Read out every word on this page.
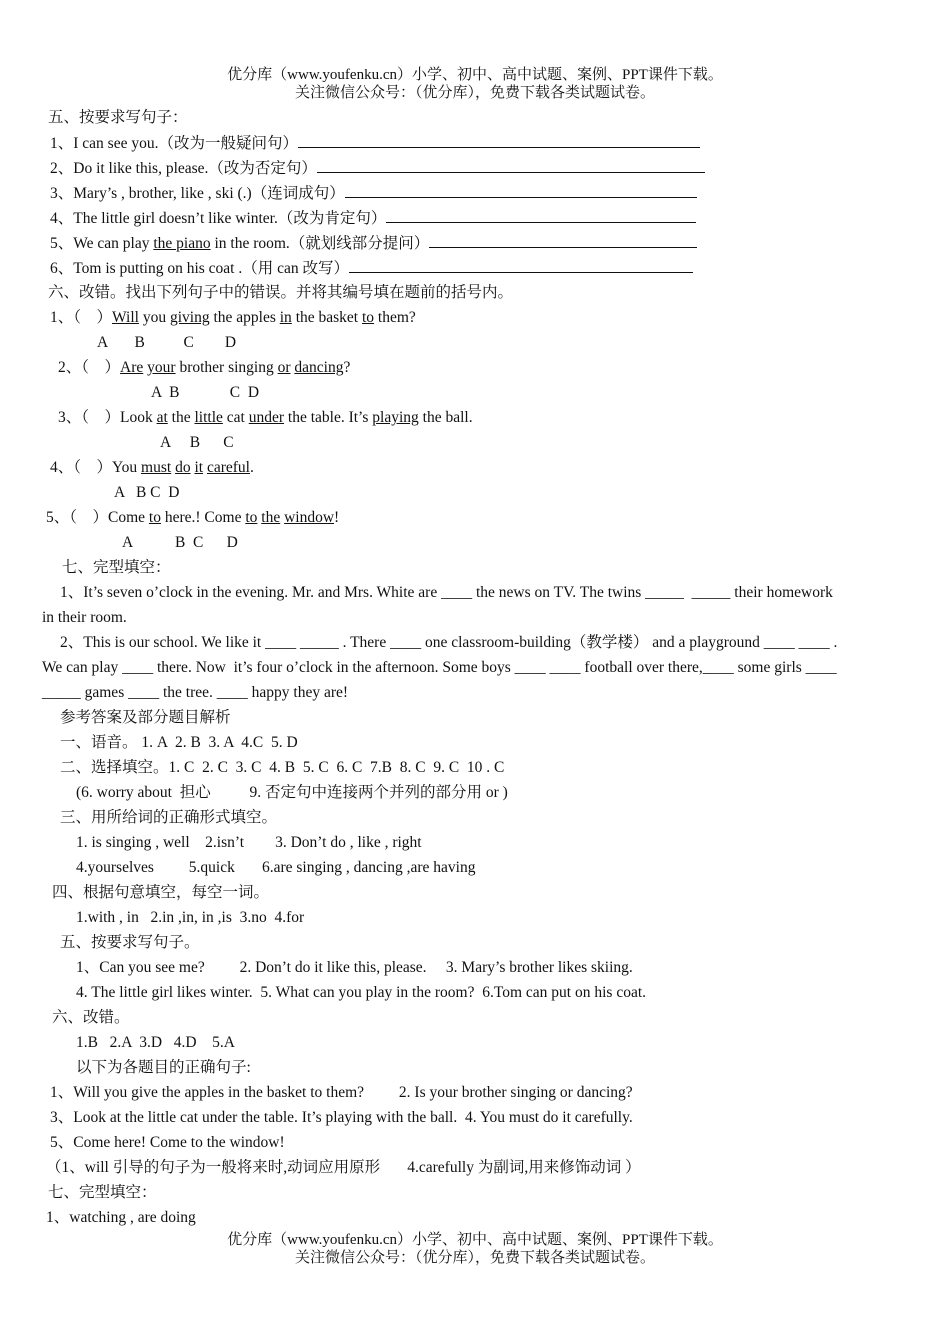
优分库（www.youfenku.cn）小学、初中、高中试题、案例、PPT课件下载。
关注微信公众号：（优分库），免费下载各类试题试卷。
五、按要求写句子：
1、I can see you.（改为一般疑问句）
2、Do it like this, please.（改为否定句）
3、Mary’s , brother, like , ski (.)（连词成句）
4、The little girl doesn’t like winter.（改为肯定句）
5、We can play the piano in the room.（就划线部分提问）
6、Tom is putting on his coat .（用 can 改写）
六、改错。找出下列句子中的错误。并将其编号填在题前的括号内。
1、（    ）Will you giving the apples in the basket to them?
A       B          C        D
2、（    ）Are your brother singing or dancing?
A  B             C  D
3、（    ）Look at the little cat under the table. It’s playing the ball.
A     B      C
4、（    ）You must do it careful.
A   B C  D
5、（    ）Come to here.! Come to the window!
A           B  C      D
七、完型填空：
1、It’s seven o’clock in the evening. Mr. and Mrs. White are ____ the news on TV. The twins _____  _____ their homework
in their room.
2、This is our school. We like it ____ _____ . There ____ one classroom-building（教学楼） and a playground ____ ____ .
We can play ____ there. Now  it’s four o’clock in the afternoon. Some boys ____ ____ football over there,____ some girls ____
_____ games ____ the tree. ____ happy they are!
参考答案及部分题目解析
一、语音。 1. A  2. B  3. A  4.C  5. D
二、选择填空。1. C  2. C  3. C  4. B  5. C  6. C  7.B  8. C  9. C  10 . C
(6. worry about  担心          9. 否定句中连接两个并列的部分用 or )
三、用所给词的正确形式填空。
1. is singing , well    2.isn’t        3. Don’t do , like , right
4.yourselves         5.quick       6.are singing , dancing ,are having
四、根据句意填空，每空一词。
1.with , in   2.in ,in, in ,is  3.no  4.for
五、按要求写句子。
1、Can you see me?         2. Don’t do it like this, please.     3. Mary’s brother likes skiing.
4. The little girl likes winter.  5. What can you play in the room?  6.Tom can put on his coat.
六、改错。
1.B   2.A  3.D   4.D    5.A
以下为各题目的正确句子:
1、Will you give the apples in the basket to them?         2. Is your brother singing or dancing?
3、Look at the little cat under the table. It’s playing with the ball.  4. You must do it carefully.
5、Come here! Come to the window!
（1、will 引导的句子为一般将来时,动词应用原形       4.carefully 为副词,用来修饰动词 ）
七、完型填空：
1、watching , are doing
优分库（www.youfenku.cn）小学、初中、高中试题、案例、PPT课件下载。
关注微信公众号：（优分库），免费下载各类试题试卷。
